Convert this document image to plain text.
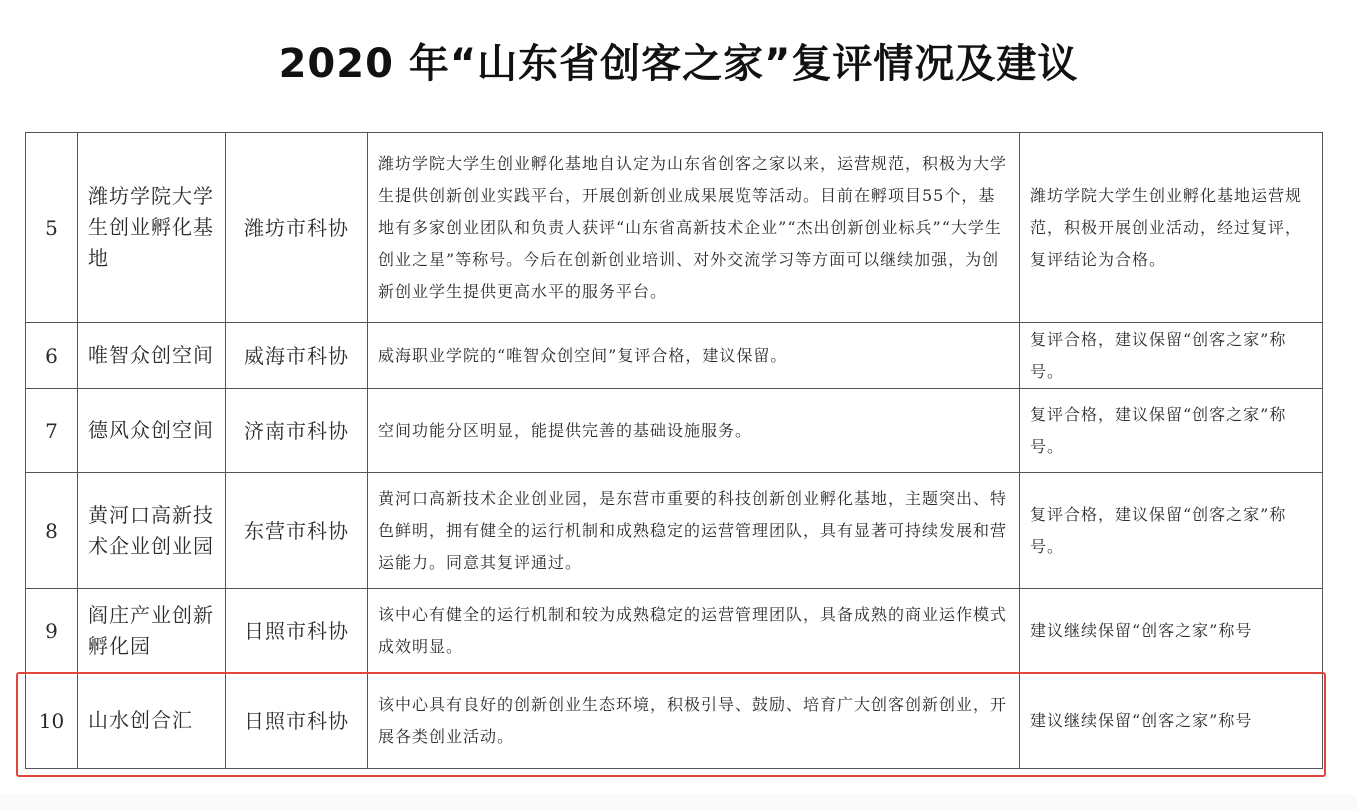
2020 年“山东省创客之家”复评情况及建议
5	潍坊学院大学生创业孵化基地	潍坊市科协	潍坊学院大学生创业孵化基地自认定为山东省创客之家以来，运营规范，积极为大学生提供创新创业实践平台，开展创新创业成果展览等活动。目前在孵项目55个，基地有多家创业团队和负责人获评“山东省高新技术企业”“杰出创新创业标兵”“大学生创业之星”等称号。今后在创新创业培训、对外交流学习等方面可以继续加强，为创新创业学生提供更高水平的服务平台。	潍坊学院大学生创业孵化基地运营规范，积极开展创业活动，经过复评，复评结论为合格。
6	唯智众创空间	威海市科协	威海职业学院的“唯智众创空间”复评合格，建议保留。	复评合格，建议保留“创客之家”称号。
7	德风众创空间	济南市科协	空间功能分区明显，能提供完善的基础设施服务。	复评合格，建议保留“创客之家”称号。
8	黄河口高新技术企业创业园	东营市科协	黄河口高新技术企业创业园，是东营市重要的科技创新创业孵化基地，主题突出、特色鲜明，拥有健全的运行机制和成熟稳定的运营管理团队，具有显著可持续发展和营运能力。同意其复评通过。	复评合格，建议保留“创客之家”称号。
9	阎庄产业创新孵化园	日照市科协	该中心有健全的运行机制和较为成熟稳定的运营管理团队，具备成熟的商业运作模式成效明显。	建议继续保留“创客之家”称号
10	山水创合汇	日照市科协	该中心具有良好的创新创业生态环境，积极引导、鼓励、培育广大创客创新创业，开展各类创业活动。	建议继续保留“创客之家”称号
